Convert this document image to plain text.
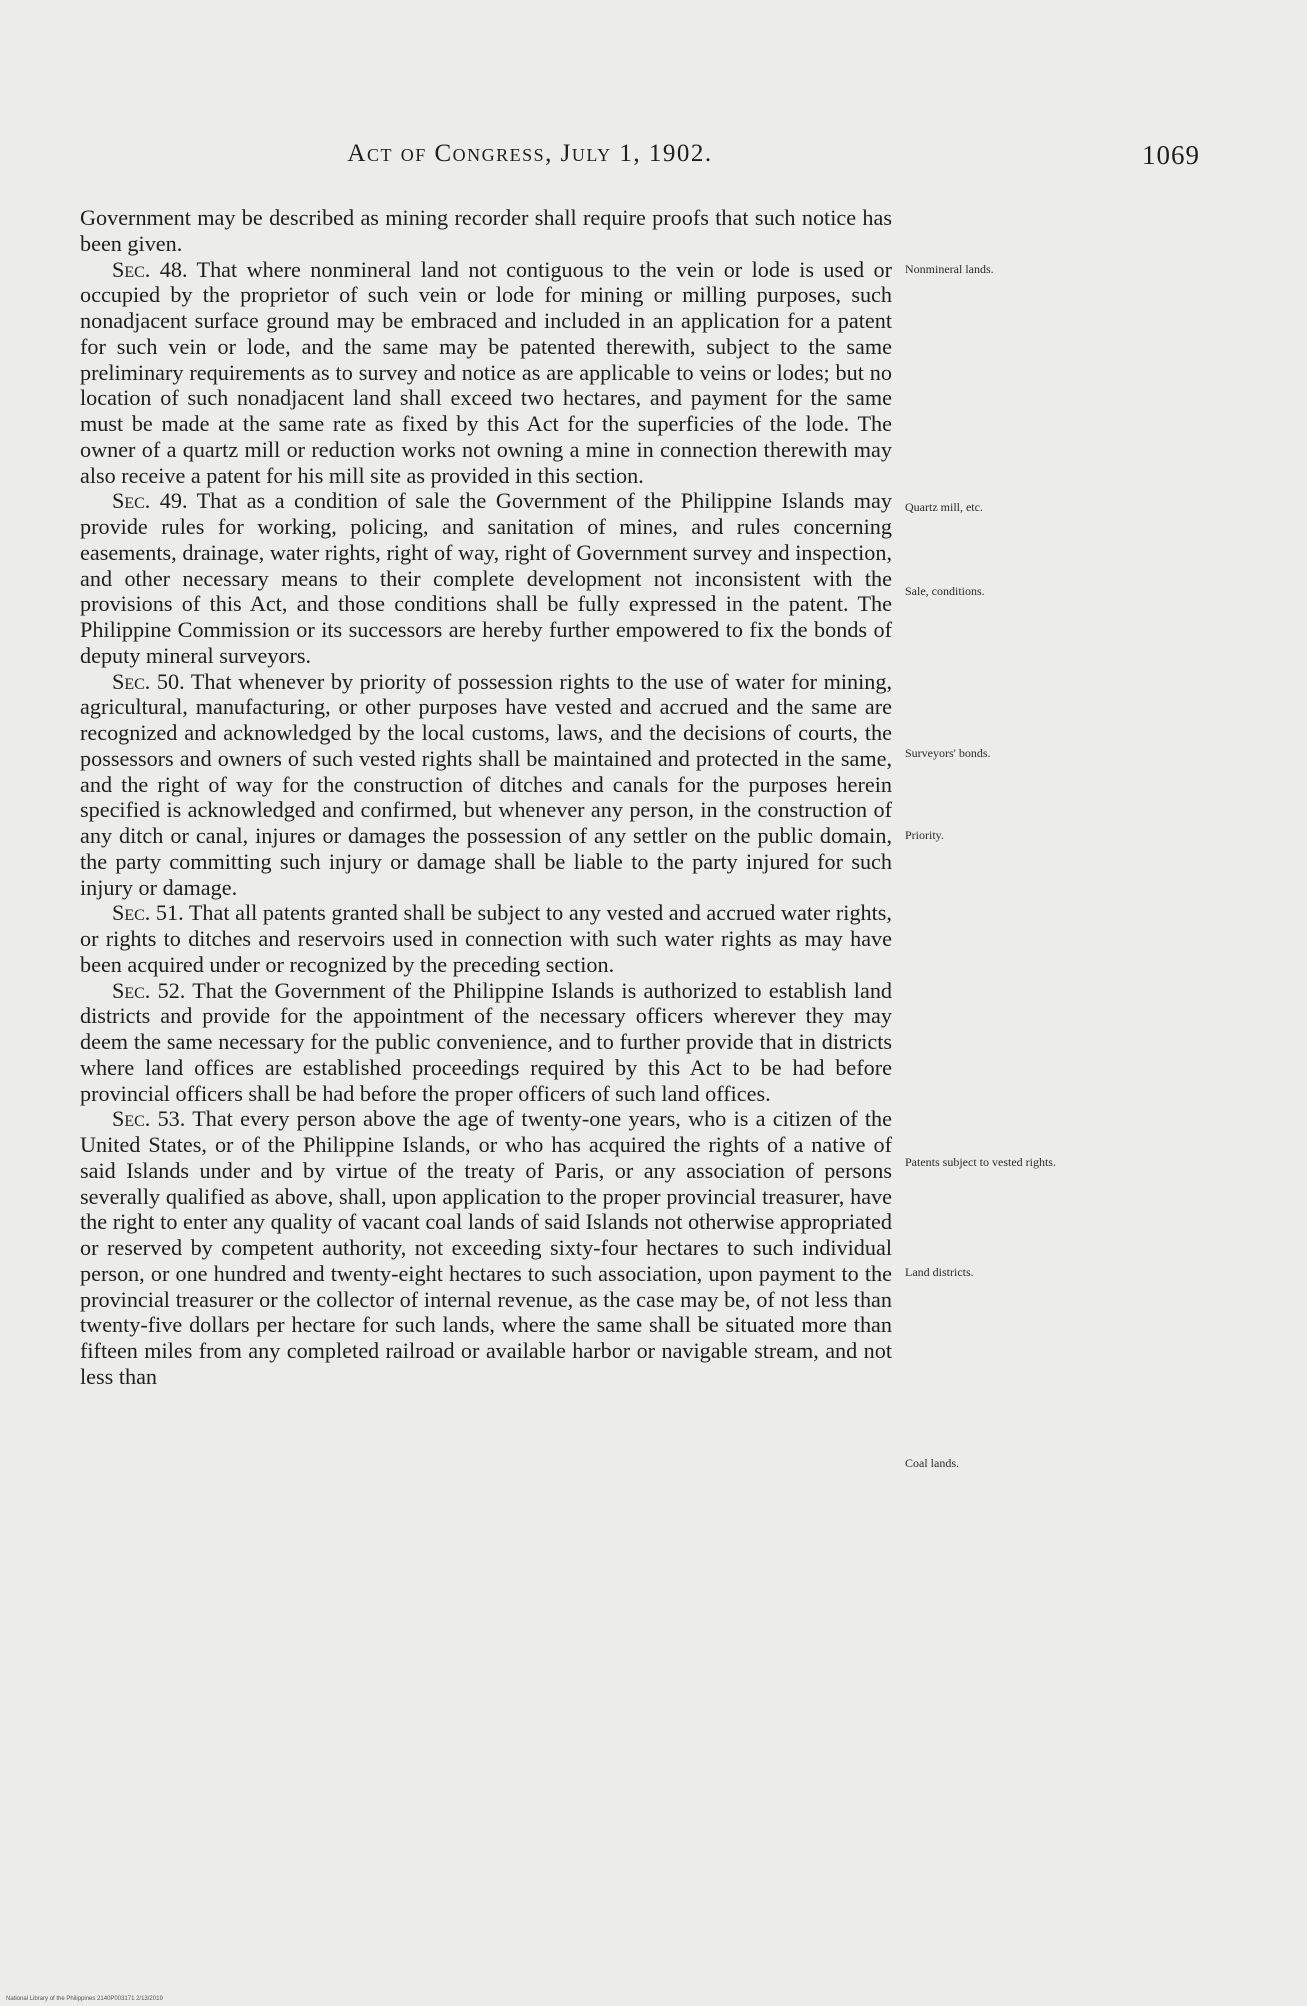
Act of Congress, July 1, 1902.	1069

Government may be described as mining recorder shall require proofs that such notice has been given.

Sec. 48. That where nonmineral land not contiguous to the vein or lode is used or occupied by the proprietor of such vein or lode for mining or milling purposes, such nonadjacent surface ground may be embraced and included in an application for a patent for such vein or lode, and the same may be patented therewith, subject to the same preliminary requirements as to survey and notice as are applicable to veins or lodes; but no location of such nonadjacent land shall exceed two hectares, and payment for the same must be made at the same rate as fixed by this Act for the superficies of the lode. The owner of a quartz mill or reduction works not owning a mine in connection therewith may also receive a patent for his mill site as provided in this section.

Sec. 49. That as a condition of sale the Government of the Philippine Islands may provide rules for working, policing, and sanitation of mines, and rules concerning easements, drainage, water rights, right of way, right of Government survey and inspection, and other necessary means to their complete development not inconsistent with the provisions of this Act, and those conditions shall be fully expressed in the patent. The Philippine Commission or its successors are hereby further empowered to fix the bonds of deputy mineral surveyors.

Sec. 50. That whenever by priority of possession rights to the use of water for mining, agricultural, manufacturing, or other purposes have vested and accrued and the same are recognized and acknowledged by the local customs, laws, and the decisions of courts, the possessors and owners of such vested rights shall be maintained and protected in the same, and the right of way for the construction of ditches and canals for the purposes herein specified is acknowledged and confirmed, but whenever any person, in the construction of any ditch or canal, injures or damages the possession of any settler on the public domain, the party committing such injury or damage shall be liable to the party injured for such injury or damage.

Sec. 51. That all patents granted shall be subject to any vested and accrued water rights, or rights to ditches and reservoirs used in connection with such water rights as may have been acquired under or recognized by the preceding section.

Sec. 52. That the Government of the Philippine Islands is authorized to establish land districts and provide for the appointment of the necessary officers wherever they may deem the same necessary for the public convenience, and to further provide that in districts where land offices are established proceedings required by this Act to be had before provincial officers shall be had before the proper officers of such land offices.

Sec. 53. That every person above the age of twenty-one years, who is a citizen of the United States, or of the Philippine Islands, or who has acquired the rights of a native of said Islands under and by virtue of the treaty of Paris, or any association of persons severally qualified as above, shall, upon application to the proper provincial treasurer, have the right to enter any quality of vacant coal lands of said Islands not otherwise appropriated or reserved by competent authority, not exceeding sixty-four hectares to such individual person, or one hundred and twenty-eight hectares to such association, upon payment to the provincial treasurer or the collector of internal revenue, as the case may be, of not less than twenty-five dollars per hectare for such lands, where the same shall be situated more than fifteen miles from any completed railroad or available harbor or navigable stream, and not less than

Nonmineral lands.
Quartz mill, etc.
Sale, conditions.
Surveyors' bonds.
Priority.
Patents subject to vested rights.
Land districts.
Coal lands.
National Library of the Philippines 2140P003171 2/13/2019
